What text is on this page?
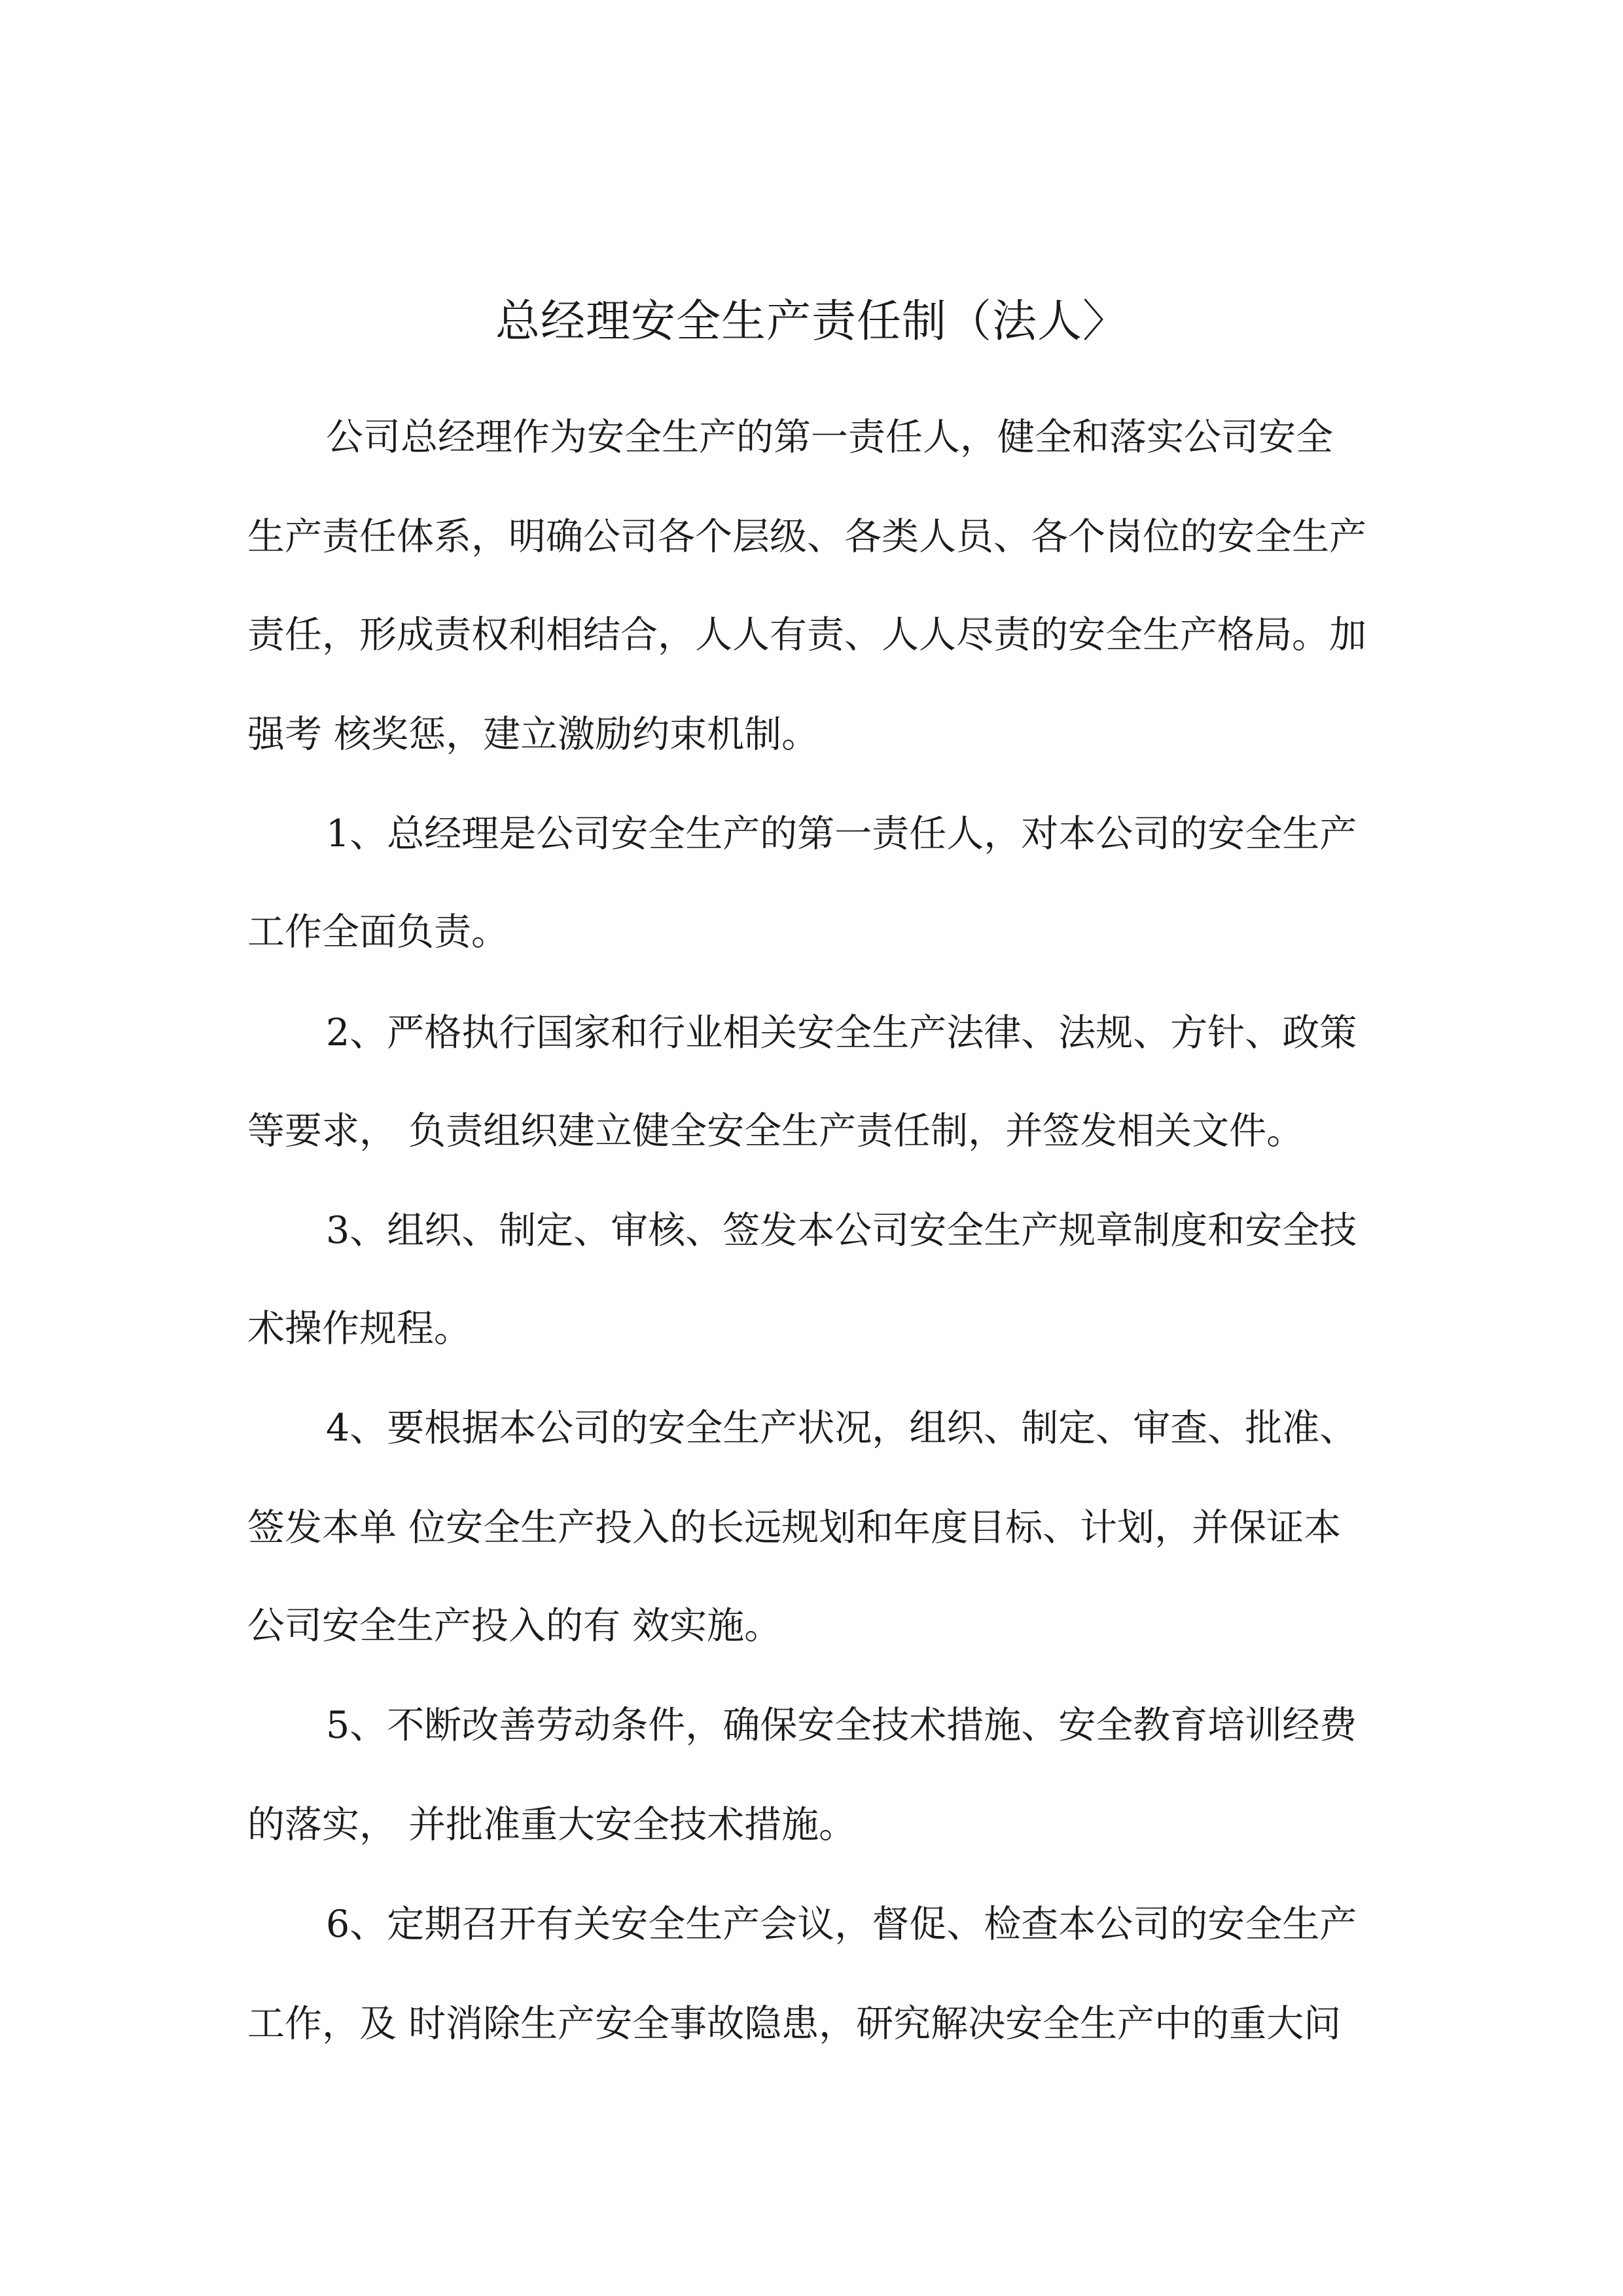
总经理安全生产责任制（法人〉

公司总经理作为安全生产的第一责任人，健全和落实公司安全

生产责任体系，明确公司各个层级、各类人员、各个岗位的安全生产

责任，形成责权利相结合，人人有责、人人尽责的安全生产格局。加

强考 核奖惩，建立激励约束机制。

1、总经理是公司安全生产的第一责任人，对本公司的安全生产

工作全面负责。

2、严格执行国家和行业相关安全生产法律、法规、方针、政策

等要求， 负责组织建立健全安全生产责任制，并签发相关文件。

3、组织、制定、审核、签发本公司安全生产规章制度和安全技

术操作规程。

4、要根据本公司的安全生产状况，组织、制定、审查、批准、

签发本单 位安全生产投入的长远规划和年度目标、计划，并保证本

公司安全生产投入的有 效实施。

5、不断改善劳动条件，确保安全技术措施、安全教育培训经费

的落实， 并批准重大安全技术措施。

6、定期召开有关安全生产会议，督促、检查本公司的安全生产

工作，及 时消除生产安全事故隐患，研究解决安全生产中的重大问
